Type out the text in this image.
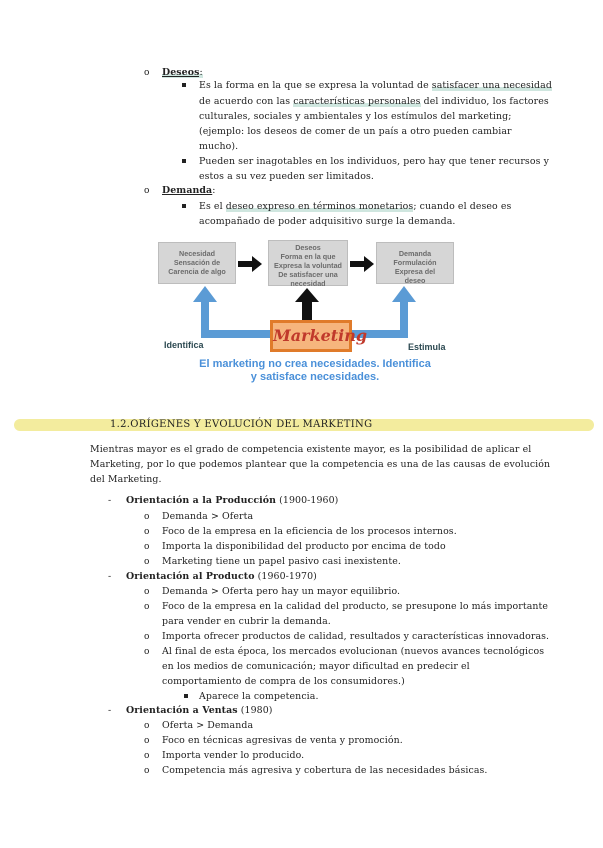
o Deseos:
Es la forma en la que se expresa la voluntad de satisfacer una necesidad
de acuerdo con las características personales del individuo, los factores
culturales, sociales y ambientales y los estímulos del marketing;
(ejemplo: los deseos de comer de un país a otro pueden cambiar
mucho).
Pueden ser inagotables en los individuos, pero hay que tener recursos y
estos a su vez pueden ser limitados.
o Demanda:
Es el deseo expreso en términos monetarios; cuando el deseo es
acompañado de poder adquisitivo surge la demanda.
Necesidad
Sensación de
Carencia de algo
Deseos
Forma en la que
Expresa la voluntad
De satisfacer una
necesidad
Demanda
Formulación
Expresa del
deseo
Marketing
Identifica	Estimula
El marketing no crea necesidades. Identifica
y satisface necesidades.
1.2.ORÍGENES Y EVOLUCIÓN DEL MARKETING
Mientras mayor es el grado de competencia existente mayor, es la posibilidad de aplicar el
Marketing, por lo que podemos plantear que la competencia es una de las causas de evolución
del Marketing.
- Orientación a la Producción (1900-1960)
o Demanda > Oferta
o Foco de la empresa en la eficiencia de los procesos internos.
o Importa la disponibilidad del producto por encima de todo
o Marketing tiene un papel pasivo casi inexistente.
- Orientación al Producto (1960-1970)
o Demanda > Oferta pero hay un mayor equilibrio.
o Foco de la empresa en la calidad del producto, se presupone lo más importante
para vender en cubrir la demanda.
o Importa ofrecer productos de calidad, resultados y características innovadoras.
o Al final de esta época, los mercados evolucionan (nuevos avances tecnológicos
en los medios de comunicación; mayor dificultad en predecir el
comportamiento de compra de los consumidores.)
Aparece la competencia.
- Orientación a Ventas (1980)
o Oferta > Demanda
o Foco en técnicas agresivas de venta y promoción.
o Importa vender lo producido.
o Competencia más agresiva y cobertura de las necesidades básicas.
